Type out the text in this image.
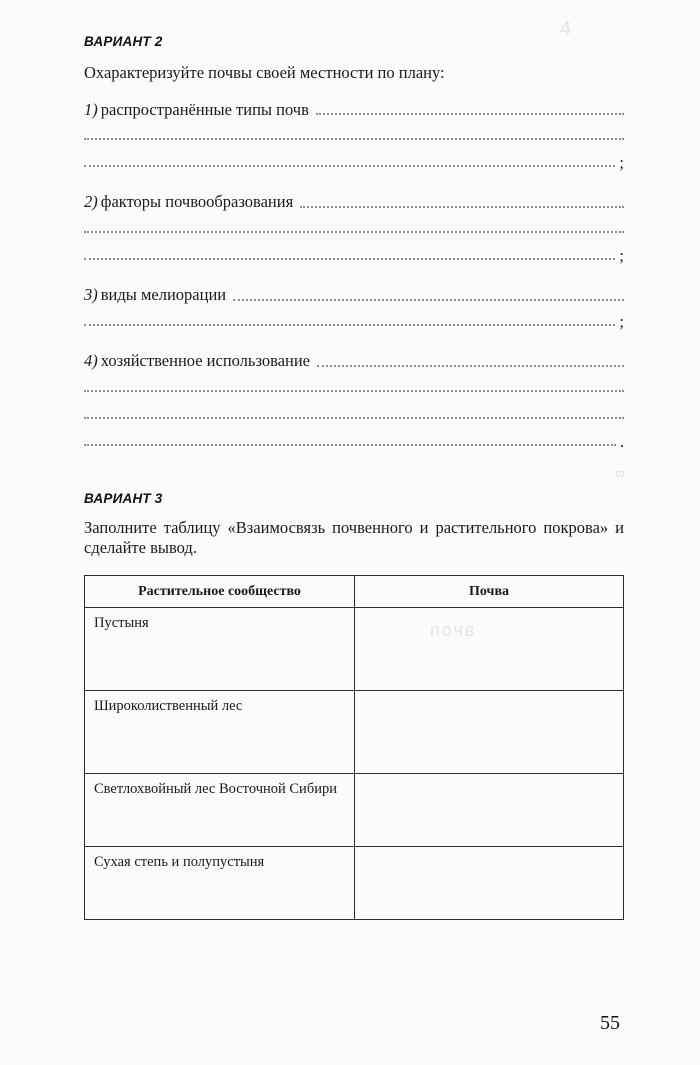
4
в
почв
ВАРИАНТ 2

Охарактеризуйте почвы своей местности по плану:

1) распространённые типы почв
;
2) факторы почвообразования
;
3) виды мелиорации
;
4) хозяйственное использование
.
ВАРИАНТ 3

Заполните таблицу «Взаимосвязь почвенного и растительного покрова» и сделайте вывод.

Растительное сообщество	Почва
Пустыня	
Широколиственный лес	
Светлохвойный лес Восточной Сибири	
Сухая степь и полупустыня	
55
